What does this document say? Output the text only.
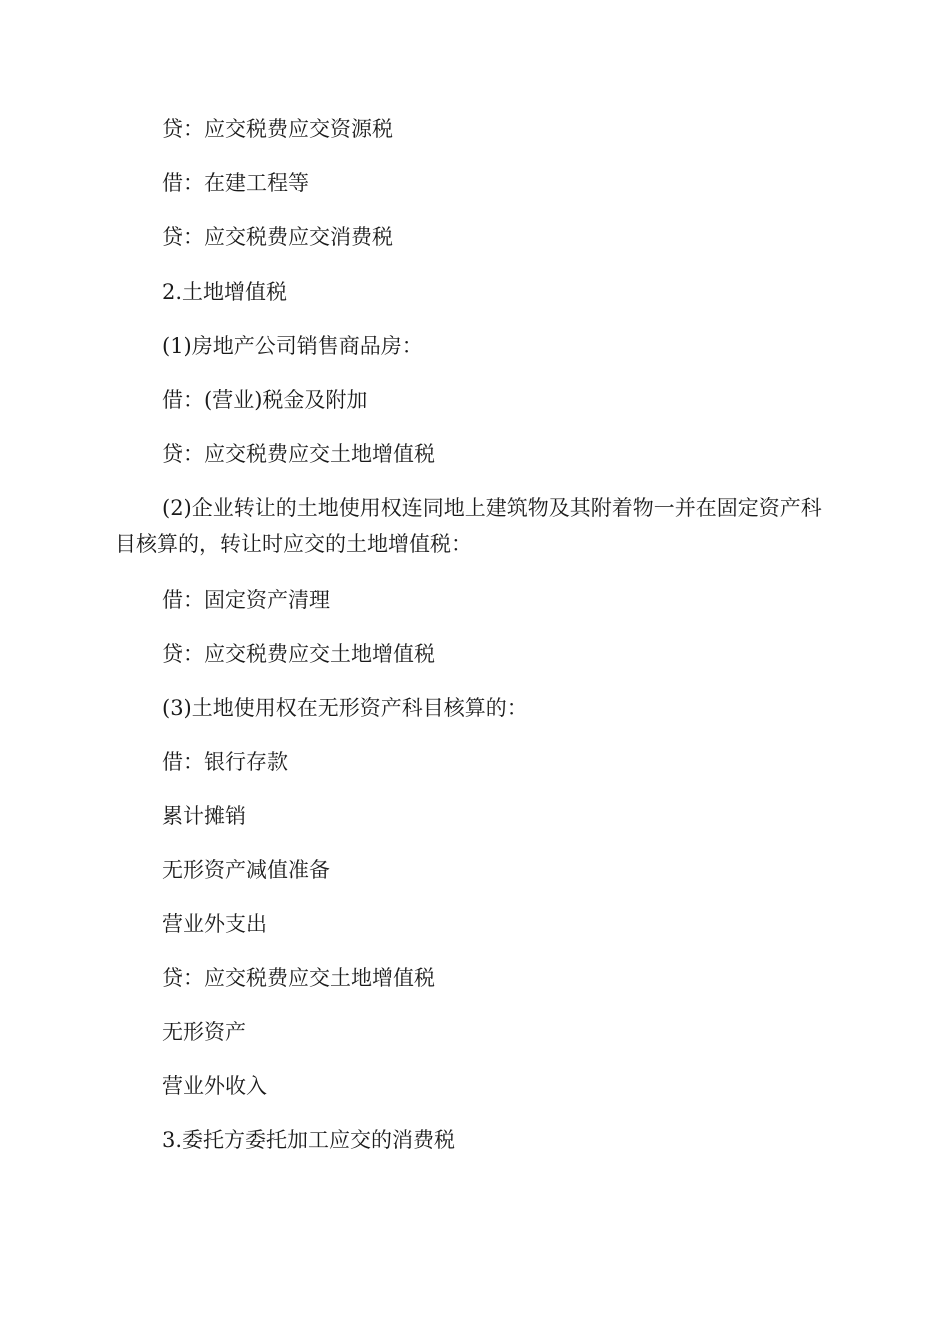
贷：应交税费应交资源税

借：在建工程等

贷：应交税费应交消费税

2.土地增值税

(1)房地产公司销售商品房：

借：(营业)税金及附加

贷：应交税费应交土地增值税

(2)企业转让的土地使用权连同地上建筑物及其附着物一并在固定资产科目核算的，转让时应交的土地增值税：

借：固定资产清理

贷：应交税费应交土地增值税

(3)土地使用权在无形资产科目核算的：

借：银行存款

累计摊销

无形资产减值准备

营业外支出

贷：应交税费应交土地增值税

无形资产

营业外收入

3.委托方委托加工应交的消费税
